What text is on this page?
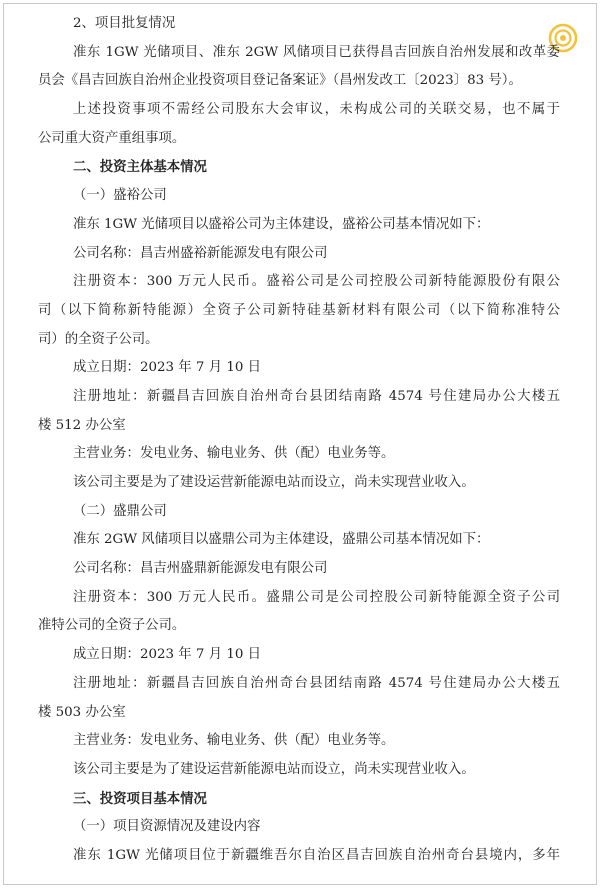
2、项目批复情况
准东 1GW 光储项目、准东 2GW 风储项目已获得昌吉回族自治州发展和改革委
员会《昌吉回族自治州企业投资项目登记备案证》（昌州发改工〔2023〕83 号）。
上述投资事项不需经公司股东大会审议，未构成公司的关联交易，也不属于
公司重大资产重组事项。
二、投资主体基本情况
（一）盛裕公司
准东 1GW 光储项目以盛裕公司为主体建设，盛裕公司基本情况如下：
公司名称：昌吉州盛裕新能源发电有限公司
注册资本：300 万元人民币。盛裕公司是公司控股公司新特能源股份有限公
司（以下简称新特能源）全资子公司新特硅基新材料有限公司（以下简称准特公
司）的全资子公司。
成立日期：2023 年 7 月 10 日
注册地址：新疆昌吉回族自治州奇台县团结南路 4574 号住建局办公大楼五
楼 512 办公室
主营业务：发电业务、输电业务、供（配）电业务等。
该公司主要是为了建设运营新能源电站而设立，尚未实现营业收入。
（二）盛鼎公司
准东 2GW 风储项目以盛鼎公司为主体建设，盛鼎公司基本情况如下：
公司名称：昌吉州盛鼎新能源发电有限公司
注册资本：300 万元人民币。盛鼎公司是公司控股公司新特能源全资子公司
准特公司的全资子公司。
成立日期：2023 年 7 月 10 日
注册地址：新疆昌吉回族自治州奇台县团结南路 4574 号住建局办公大楼五
楼 503 办公室
主营业务：发电业务、输电业务、供（配）电业务等。
该公司主要是为了建设运营新能源电站而设立，尚未实现营业收入。
三、投资项目基本情况
（一）项目资源情况及建设内容
准东 1GW 光储项目位于新疆维吾尔自治区昌吉回族自治州奇台县境内，多年
